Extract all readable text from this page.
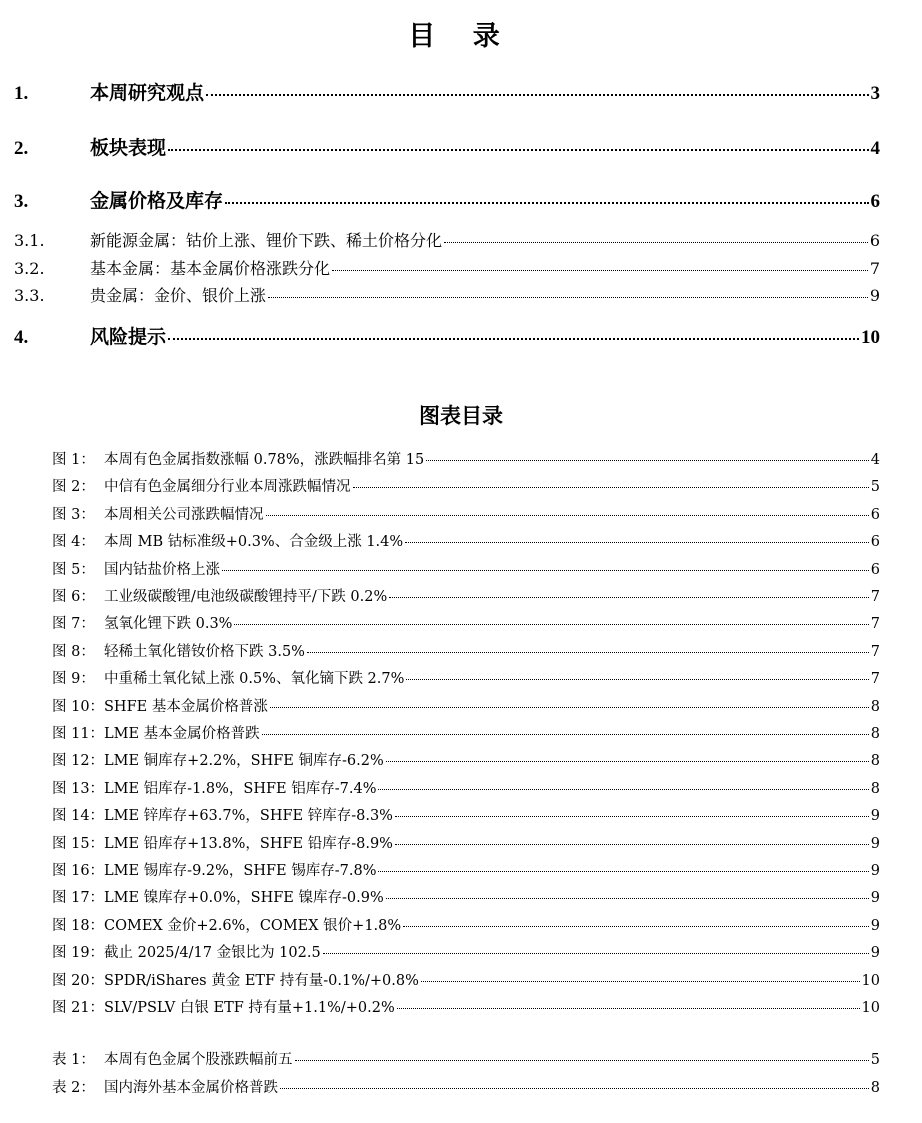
目 录
1.	本周研究观点	3
2.	板块表现	4
3.	金属价格及库存	6
3.1.	新能源金属：钴价上涨、锂价下跌、稀土价格分化	6
3.2.	基本金属：基本金属价格涨跌分化	7
3.3.	贵金属：金价、银价上涨	9
4.	风险提示	10
图表目录
图 1： 本周有色金属指数涨幅 0.78%，涨跌幅排名第 15	4
图 2： 中信有色金属细分行业本周涨跌幅情况	5
图 3： 本周相关公司涨跌幅情况	6
图 4： 本周 MB 钴标准级+0.3%、合金级上涨 1.4%	6
图 5： 国内钴盐价格上涨	6
图 6： 工业级碳酸锂/电池级碳酸锂持平/下跌 0.2%	7
图 7： 氢氧化锂下跌 0.3%	7
图 8： 轻稀土氧化镨钕价格下跌 3.5%	7
图 9： 中重稀土氧化铽上涨 0.5%、氧化镝下跌 2.7%	7
图 10： SHFE 基本金属价格普涨	8
图 11： LME 基本金属价格普跌	8
图 12： LME 铜库存+2.2%，SHFE 铜库存-6.2%	8
图 13： LME 铝库存-1.8%，SHFE 铝库存-7.4%	8
图 14： LME 锌库存+63.7%，SHFE 锌库存-8.3%	9
图 15： LME 铅库存+13.8%，SHFE 铅库存-8.9%	9
图 16： LME 锡库存-9.2%，SHFE 锡库存-7.8%	9
图 17： LME 镍库存+0.0%，SHFE 镍库存-0.9%	9
图 18： COMEX 金价+2.6%，COMEX 银价+1.8%	9
图 19： 截止 2025/4/17 金银比为 102.5	9
图 20： SPDR/iShares 黄金 ETF 持有量-0.1%/+0.8%	10
图 21： SLV/PSLV 白银 ETF 持有量+1.1%/+0.2%	10
表 1： 本周有色金属个股涨跌幅前五	5
表 2： 国内海外基本金属价格普跌	8
